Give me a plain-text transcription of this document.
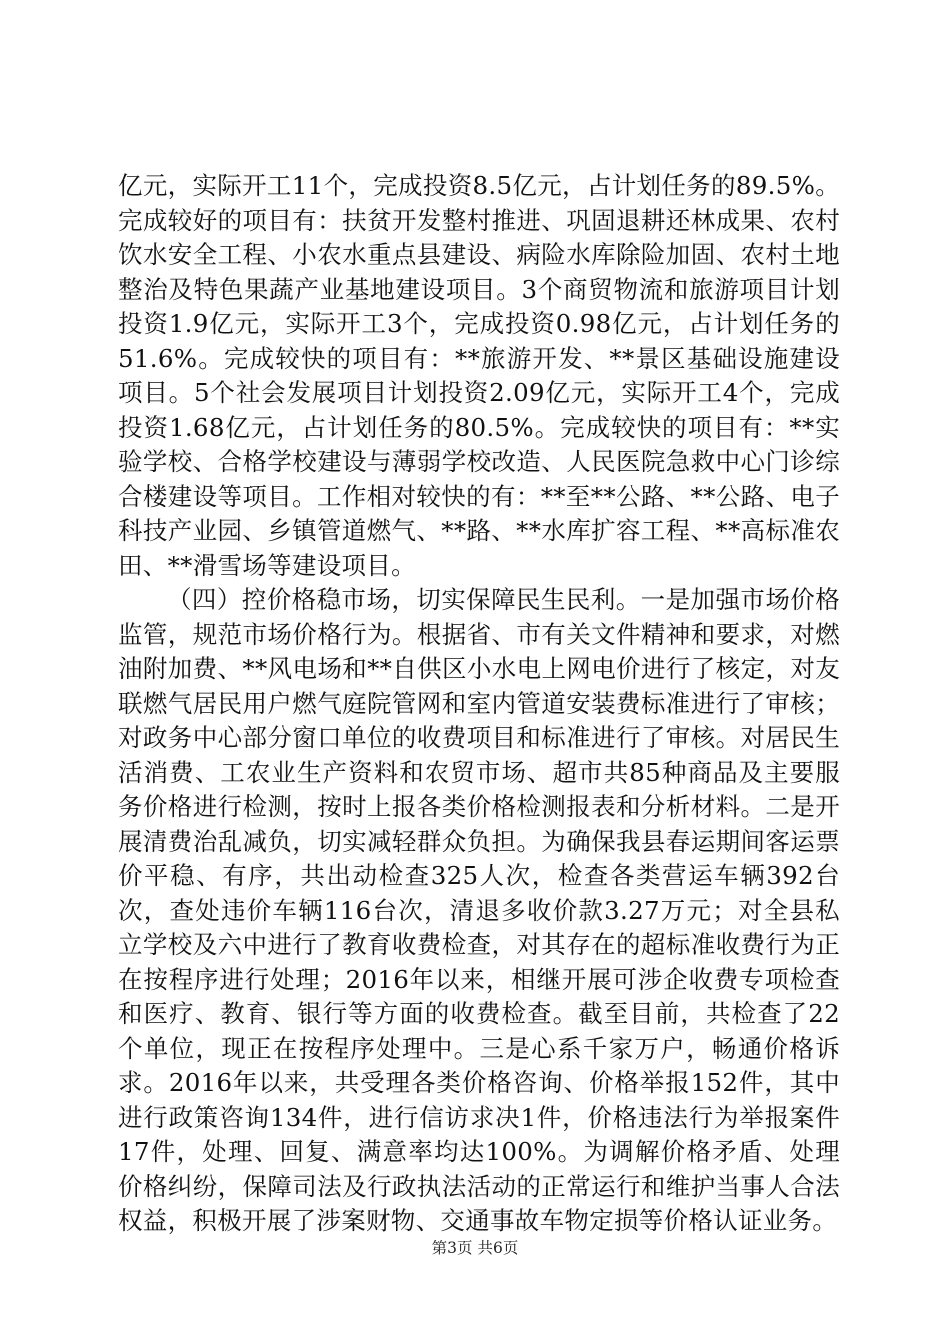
亿元，实际开工11个，完成投资8.5亿元，占计划任务的89.5%。完成较好的项目有：扶贫开发整村推进、巩固退耕还林成果、农村饮水安全工程、小农水重点县建设、病险水库除险加固、农村土地整治及特色果蔬产业基地建设项目。3个商贸物流和旅游项目计划投资1.9亿元，实际开工3个，完成投资0.98亿元，占计划任务的51.6%。完成较快的项目有：**旅游开发、**景区基础设施建设项目。5个社会发展项目计划投资2.09亿元，实际开工4个，完成投资1.68亿元，占计划任务的80.5%。完成较快的项目有：**实验学校、合格学校建设与薄弱学校改造、人民医院急救中心门诊综合楼建设等项目。工作相对较快的有：**至**公路、**公路、电子科技产业园、乡镇管道燃气、**路、**水库扩容工程、**高标准农田、**滑雪场等建设项目。

（四）控价格稳市场，切实保障民生民利。一是加强市场价格监管，规范市场价格行为。根据省、市有关文件精神和要求，对燃油附加费、**风电场和**自供区小水电上网电价进行了核定，对友联燃气居民用户燃气庭院管网和室内管道安装费标准进行了审核；对政务中心部分窗口单位的收费项目和标准进行了审核。对居民生活消费、工农业生产资料和农贸市场、超市共85种商品及主要服务价格进行检测，按时上报各类价格检测报表和分析材料。二是开展清费治乱减负，切实减轻群众负担。为确保我县春运期间客运票价平稳、有序，共出动检查325人次，检查各类营运车辆392台次，查处违价车辆116台次，清退多收价款3.27万元；对全县私立学校及六中进行了教育收费检查，对其存在的超标准收费行为正在按程序进行处理；2016年以来，相继开展可涉企收费专项检查和医疗、教育、银行等方面的收费检查。截至目前，共检查了22个单位，现正在按程序处理中。三是心系千家万户，畅通价格诉求。2016年以来，共受理各类价格咨询、价格举报152件，其中进行政策咨询134件，进行信访求决1件，价格违法行为举报案件17件，处理、回复、满意率均达100%。为调解价格矛盾、处理价格纠纷，保障司法及行政执法活动的正常运行和维护当事人合法权益，积极开展了涉案财物、交通事故车物定损等价格认证业务。

第3页 共6页
